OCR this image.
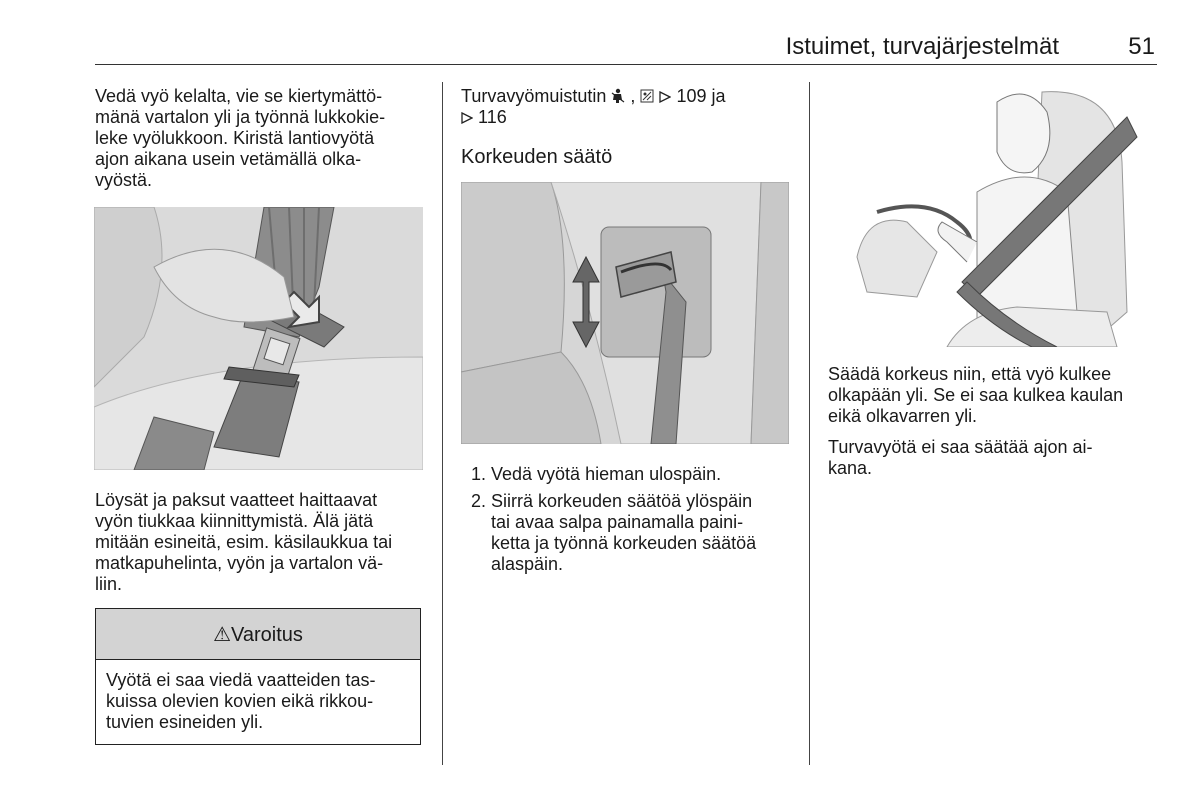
Istuimet, turvajärjestelmät	51
Vedä vyö kelalta, vie se kiertymättö-
mänä vartalon yli ja työnnä lukkokie-
leke vyölukkoon. Kiristä lantiovyötä
ajon aikana usein vetämällä olka-
vyöstä.
Löysät ja paksut vaatteet haittaavat
vyön tiukkaa kiinnittymistä. Älä jätä
mitään esineitä, esim. käsilaukkua tai
matkapuhelinta, vyön ja vartalon vä-
liin.
⚠Varoitus
Vyötä ei saa viedä vaatteiden tas-
kuissa olevien kovien eikä rikkou-
tuvien esineiden yli.
Turvavyömuistutin ,   109 ja
116
Korkeuden säätö
1. Vedä vyötä hieman ulospäin.
2. Siirrä korkeuden säätöä ylöspäin
tai avaa salpa painamalla paini-
ketta ja työnnä korkeuden säätöä
alaspäin.
Säädä korkeus niin, että vyö kulkee
olkapään yli. Se ei saa kulkea kaulan
eikä olkavarren yli.
Turvavyötä ei saa säätää ajon ai-
kana.
